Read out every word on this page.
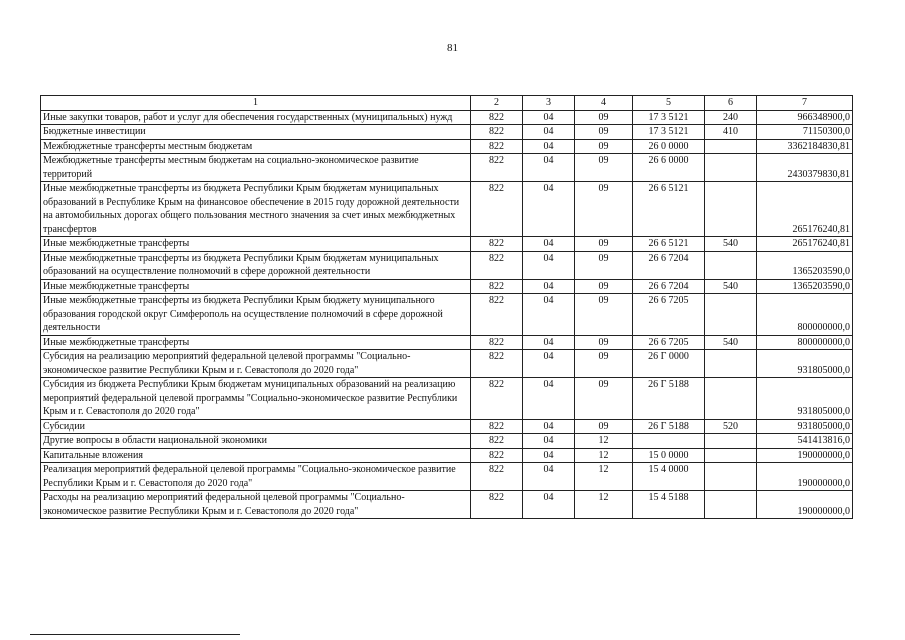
81
1	2	3	4	5	6	7
Иные закупки товаров, работ и услуг для обеспечения государственных (муниципальных) нужд	822	04	09	17 3 5121	240	966348900,0
Бюджетные инвестиции	822	04	09	17 3 5121	410	71150300,0
Межбюджетные трансферты местным бюджетам	822	04	09	26 0 0000		3362184830,81
Межбюджетные трансферты местным бюджетам на социально-экономическое развитие территорий	822	04	09	26 6 0000		2430379830,81
Иные межбюджетные трансферты из бюджета Республики Крым бюджетам муниципальных образований в Республике Крым на финансовое обеспечение в 2015 году дорожной деятельности на автомобильных дорогах общего пользования местного значения за счет иных межбюджетных трансфертов	822	04	09	26 6 5121		265176240,81
Иные межбюджетные трансферты	822	04	09	26 6 5121	540	265176240,81
Иные межбюджетные трансферты из бюджета Республики Крым бюджетам муниципальных образований на осуществление полномочий в сфере дорожной деятельности	822	04	09	26 6 7204		1365203590,0
Иные межбюджетные трансферты	822	04	09	26 6 7204	540	1365203590,0
Иные межбюджетные трансферты из бюджета Республики Крым бюджету муниципального образования городской округ Симферополь на осуществление полномочий в сфере дорожной деятельности	822	04	09	26 6 7205		800000000,0
Иные межбюджетные трансферты	822	04	09	26 6 7205	540	800000000,0
Субсидия на реализацию мероприятий федеральной целевой программы "Социально-экономическое развитие Республики Крым и г. Севастополя до 2020 года"	822	04	09	26 Г 0000		931805000,0
Субсидия из бюджета Республики Крым бюджетам муниципальных образований на реализацию мероприятий федеральной целевой программы "Социально-экономическое развитие Республики Крым и г. Севастополя до 2020 года"	822	04	09	26 Г 5188		931805000,0
Субсидии	822	04	09	26 Г 5188	520	931805000,0
Другие вопросы в области национальной экономики	822	04	12			541413816,0
Капитальные вложения	822	04	12	15 0 0000		190000000,0
Реализация мероприятий федеральной целевой программы "Социально-экономическое развитие Республики Крым и г. Севастополя до 2020 года"	822	04	12	15 4 0000		190000000,0
Расходы на реализацию мероприятий федеральной целевой программы "Социально-экономическое развитие Республики Крым и г. Севастополя до 2020 года"	822	04	12	15 4 5188		190000000,0
